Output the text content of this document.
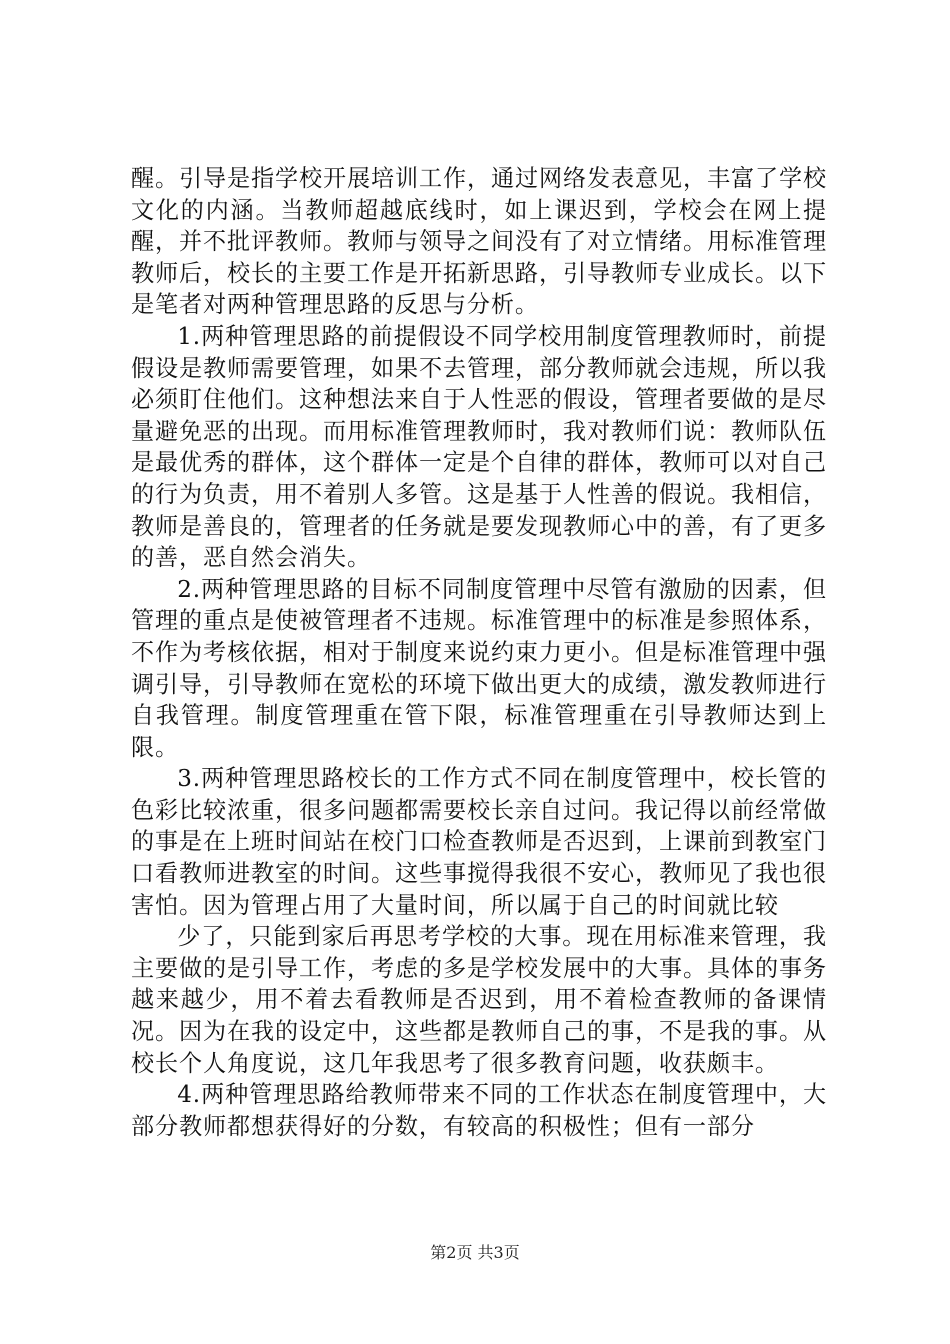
醒。引导是指学校开展培训工作，通过网络发表意见，丰富了学校文化的内涵。当教师超越底线时，如上课迟到，学校会在网上提醒，并不批评教师。教师与领导之间没有了对立情绪。用标准管理教师后，校长的主要工作是开拓新思路，引导教师专业成长。以下是笔者对两种管理思路的反思与分析。

1.两种管理思路的前提假设不同学校用制度管理教师时，前提假设是教师需要管理，如果不去管理，部分教师就会违规，所以我必须盯住他们。这种想法来自于人性恶的假设，管理者要做的是尽量避免恶的出现。而用标准管理教师时，我对教师们说：教师队伍是最优秀的群体，这个群体一定是个自律的群体，教师可以对自己的行为负责，用不着别人多管。这是基于人性善的假说。我相信，教师是善良的，管理者的任务就是要发现教师心中的善，有了更多的善，恶自然会消失。

2.两种管理思路的目标不同制度管理中尽管有激励的因素，但管理的重点是使被管理者不违规。标准管理中的标准是参照体系，不作为考核依据，相对于制度来说约束力更小。但是标准管理中强调引导，引导教师在宽松的环境下做出更大的成绩，激发教师进行自我管理。制度管理重在管下限，标准管理重在引导教师达到上限。

3.两种管理思路校长的工作方式不同在制度管理中，校长管的色彩比较浓重，很多问题都需要校长亲自过问。我记得以前经常做的事是在上班时间站在校门口检查教师是否迟到，上课前到教室门口看教师进教室的时间。这些事搅得我很不安心，教师见了我也很害怕。因为管理占用了大量时间，所以属于自己的时间就比较

少了，只能到家后再思考学校的大事。现在用标准来管理，我主要做的是引导工作，考虑的多是学校发展中的大事。具体的事务越来越少，用不着去看教师是否迟到，用不着检查教师的备课情况。因为在我的设定中，这些都是教师自己的事，不是我的事。从校长个人角度说，这几年我思考了很多教育问题，收获颇丰。

4.两种管理思路给教师带来不同的工作状态在制度管理中，大部分教师都想获得好的分数，有较高的积极性；但有一部分

第2页 共3页
